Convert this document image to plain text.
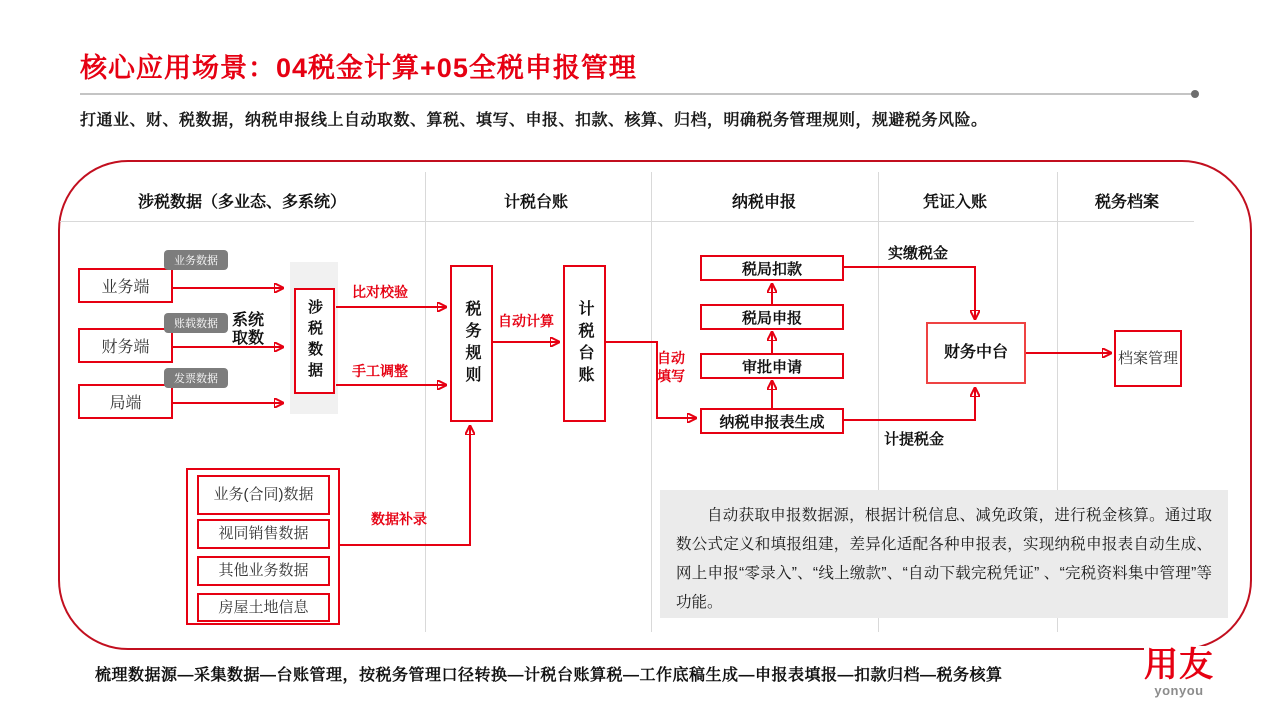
核心应用场景：04税金计算+05全税申报管理
打通业、财、税数据，纳税申报线上自动取数、算税、填写、申报、扣款、核算、归档，明确税务管理规则，规避税务风险。
涉税数据（多业态、多系统）	计税台账	纳税申报	凭证入账	税务档案
业务端
业务数据
财务端
账载数据
局端
发票数据
系统取数	涉税数据
比对校验
手工调整	税务规则 自动计算 计税台账	自动填写
税局扣款
税局申报
审批申请
纳税申报表生成
实缴税金
计提税金
财务中台	档案管理
业务(合同)数据
视同销售数据
其他业务数据
房屋土地信息
数据补录	自动获取申报数据源，根据计税信息、减免政策，进行税金核算。通过取数公式定义和填报组建，差异化适配各种申报表，实现纳税申报表自动生成、网上申报“零录入”、“线上缴款”、“自动下载完税凭证” 、“完税资料集中管理”等功能。
梳理数据源—采集数据—台账管理，按税务管理口径转换—计税台账算税—工作底稿生成—申报表填报—扣款归档—税务核算	用友
yonyou
